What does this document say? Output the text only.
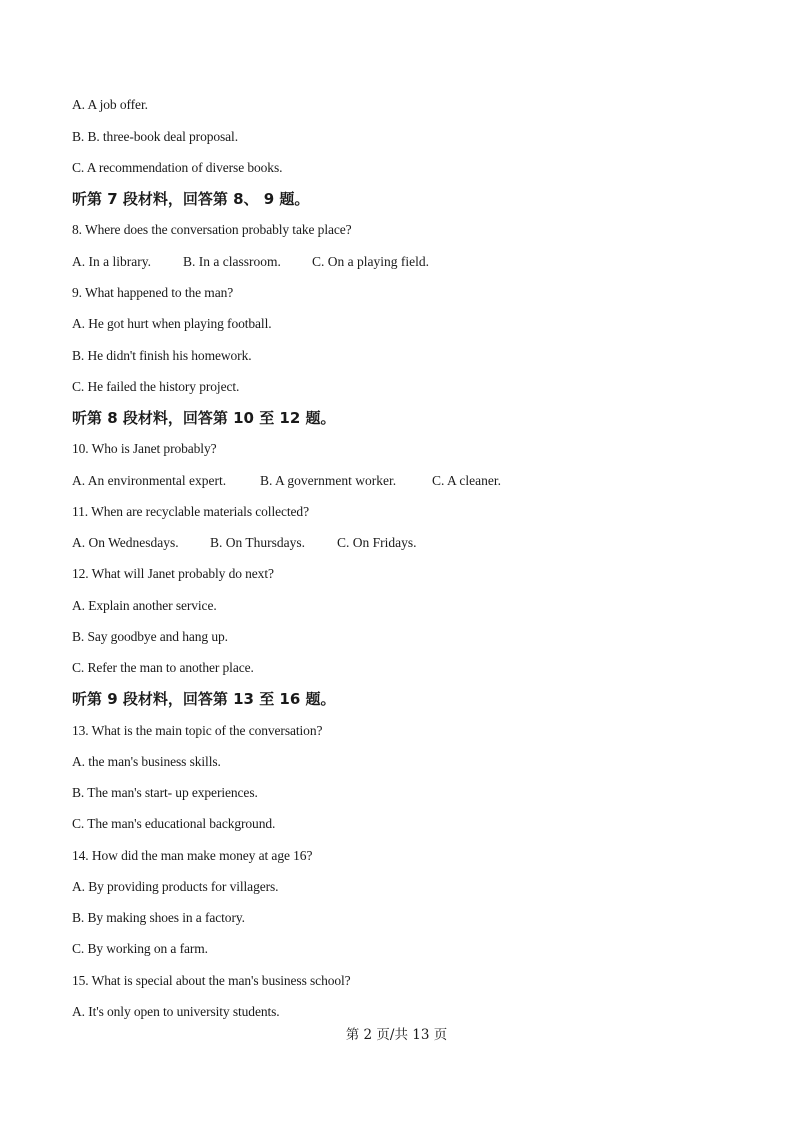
A. A job offer.
B. B. three-book deal proposal.
C. A recommendation of diverse books.
听第 7 段材料，回答第 8、 9 题。
8. Where does the conversation probably take place?
A. In a library. B. In a classroom. C. On a playing field.
9. What happened to the man?
A. He got hurt when playing football.
B. He didn't finish his homework.
C. He failed the history project.
听第 8 段材料，回答第 10 至 12 题。
10. Who is Janet probably?
A. An environmental expert.	B. A government worker.	C. A cleaner.
11. When are recyclable materials collected?
A. On Wednesdays. B. On Thursdays. C. On Fridays.
12. What will Janet probably do next?
A. Explain another service.
B. Say goodbye and hang up.
C. Refer the man to another place.
听第 9 段材料，回答第 13 至 16 题。
13. What is the main topic of the conversation?
A. the man's business skills.
B. The man's start- up experiences.
C. The man's educational background.
14. How did the man make money at age 16?
A. By providing products for villagers.
B. By making shoes in a factory.
C. By working on a farm.
15. What is special about the man's business school?
A. It's only open to university students.
第 2 页/共 13 页
